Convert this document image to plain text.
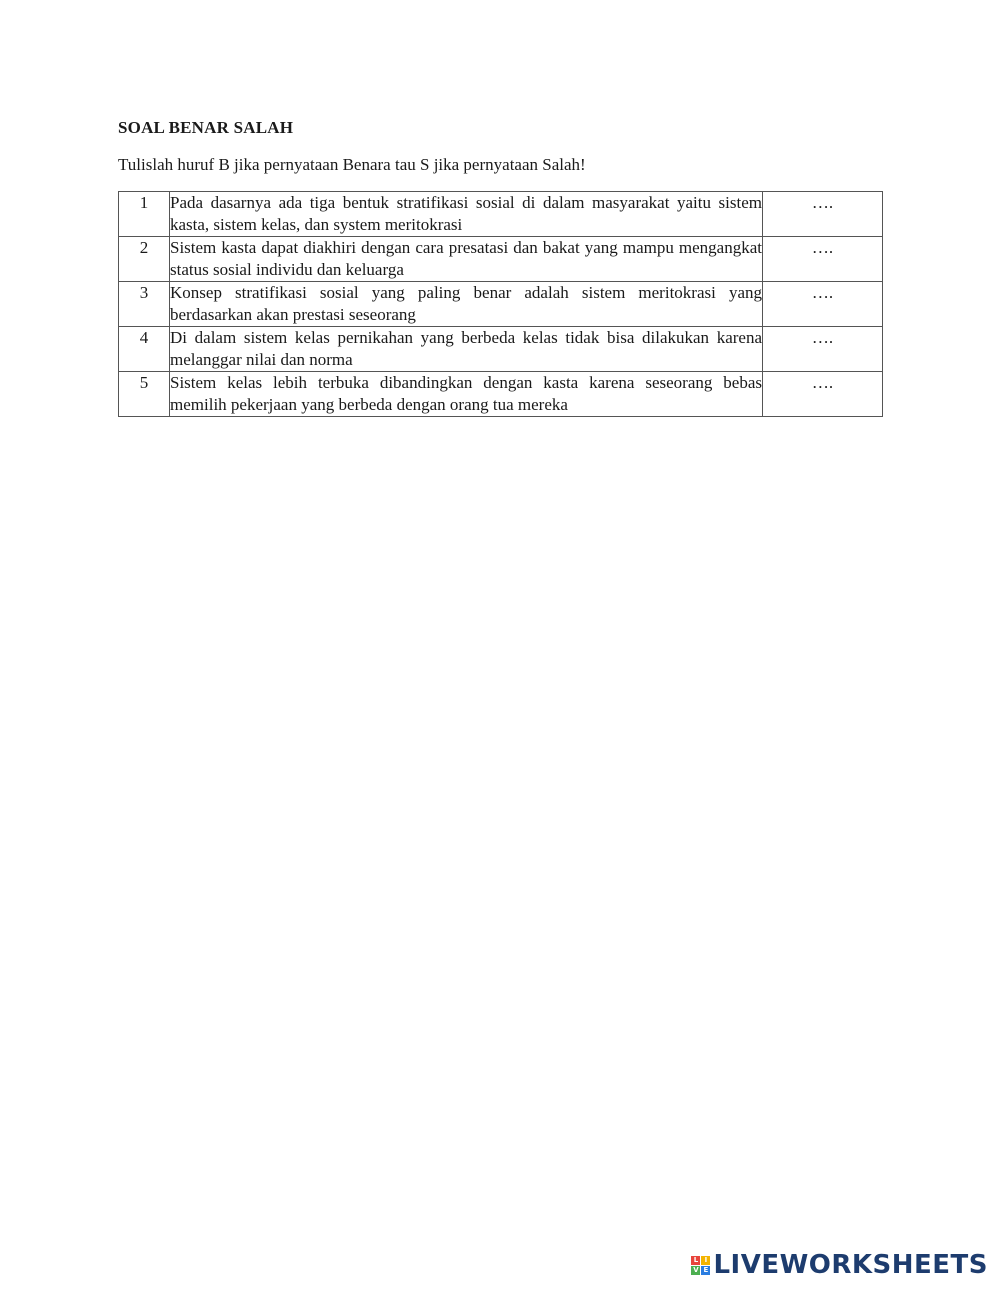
SOAL BENAR SALAH
Tulislah huruf B jika pernyataan Benara tau S jika pernyataan Salah!
1	Pada dasarnya ada tiga bentuk stratifikasi sosial di dalam masyarakat yaitu sistem kasta, sistem kelas, dan system meritokrasi	….
2	Sistem kasta dapat diakhiri dengan cara presatasi dan bakat yang mampu mengangkat status sosial individu dan keluarga	….
3	Konsep stratifikasi sosial yang paling benar adalah sistem meritokrasi yang berdasarkan akan prestasi seseorang	….
4	Di dalam sistem kelas pernikahan yang berbeda kelas tidak bisa dilakukan karena melanggar nilai dan norma	….
5	Sistem kelas lebih terbuka dibandingkan dengan kasta karena seseorang bebas memilih pekerjaan yang berbeda dengan orang tua mereka	….
L I
V E LIVEWORKSHEETS
